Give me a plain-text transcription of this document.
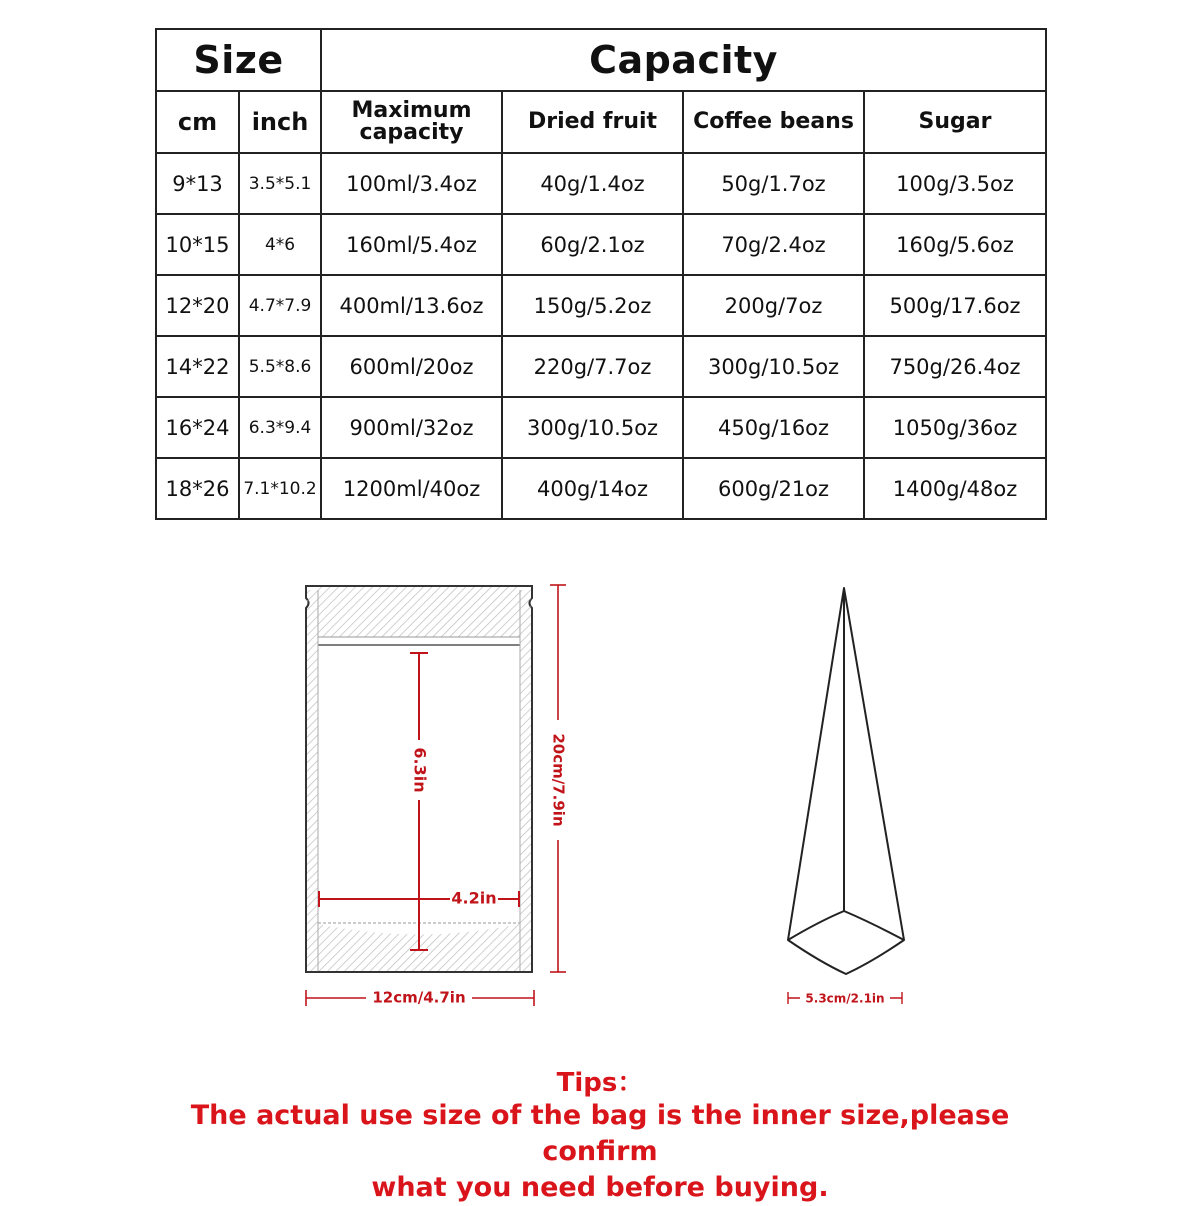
Size		Capacity			
cm	inch	Maximum capacity	Dried fruit	Coffee beans	Sugar
9*13	3.5*5.1	100ml/3.4oz	40g/1.4oz	50g/1.7oz	100g/3.5oz
10*15	4*6	160ml/5.4oz	60g/2.1oz	70g/2.4oz	160g/5.6oz
12*20	4.7*7.9	400ml/13.6oz	150g/5.2oz	200g/7oz	500g/17.6oz
14*22	5.5*8.6	600ml/20oz	220g/7.7oz	300g/10.5oz	750g/26.4oz
16*24	6.3*9.4	900ml/32oz	300g/10.5oz	450g/16oz	1050g/36oz
18*26	7.1*10.2	1200ml/40oz	400g/14oz	600g/21oz	1400g/48oz
6.3in
4.2in
20cm/7.9in
12cm/4.7in	5.3cm/2.1in
Tips：
The actual use size of the bag is the inner size,please confirm
what you need before buying.
